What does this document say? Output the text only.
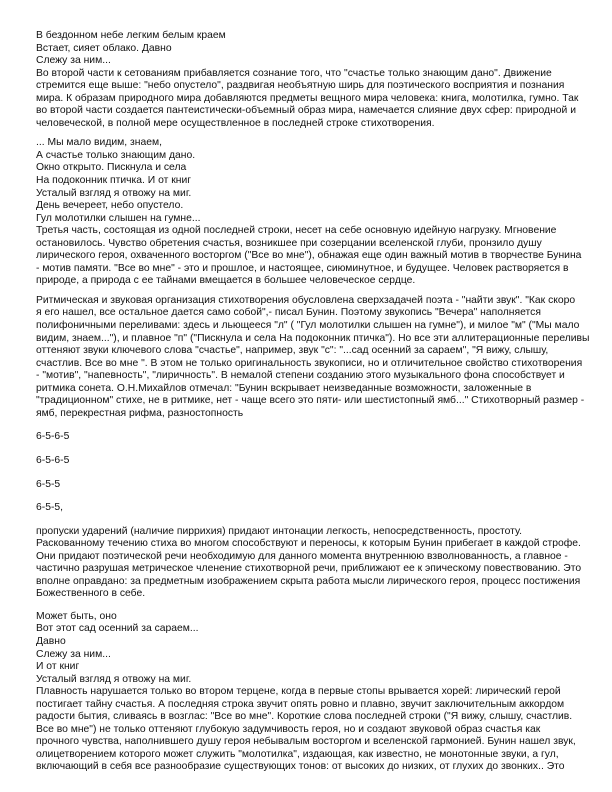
В бездонном небе легким белым краем
Встает, сияет облако. Давно
Слежу за ним...
Во второй части к сетованиям прибавляется сознание того, что "счастье только знающим дано". Движение
стремится еще выше: "небо опустело", раздвигая необъятную ширь для поэтического восприятия и познания
мира. К образам природного мира добавляются предметы вещного мира человека: книга, молотилка, гумно. Так
во второй части создается пантеистически-объемный образ мира, намечается слияние двух сфер: природной и
человеческой, в полной мере осуществленное в последней строке стихотворения.
... Мы мало видим, знаем,
А счастье только знающим дано.
Окно открыто. Пискнула и села
На подоконник птичка. И от книг
Усталый взгляд я отвожу на миг.
День вечереет, небо опустело.
Гул молотилки слышен на гумне...
Третья часть, состоящая из одной последней строки, несет на себе основную идейную нагрузку. Мгновение
остановилось. Чувство обретения счастья, возникшее при созерцании вселенской глуби, пронзило душу
лирического героя, охваченного восторгом ("Все во мне"), обнажая еще один важный мотив в творчестве Бунина
- мотив памяти. "Все во мне" - это и прошлое, и настоящее, сиюминутное, и будущее. Человек растворяется в
природе, а природа с ее тайнами вмещается в большее человеческое сердце.
Ритмическая и звуковая организация стихотворения обусловлена сверхзадачей поэта - "найти звук". "Как скоро
я его нашел, все остальное дается само собой",- писал Бунин. Поэтому звукопись "Вечера" наполняется
полифоничными переливами: здесь и льющееся "л" ( "Гул молотилки слышен на гумне"), и милое "м" ("Мы мало
видим, знаем..."), и плавное "п" ("Пискнула и села На подоконник птичка"). Но все эти аллитерационные переливы
оттеняют звуки ключевого слова "счастье", например, звук "с": "...сад осенний за сараем", "Я вижу, слышу,
счастлив. Все во мне ". В этом не только оригинальность звукописи, но и отличительное свойство стихотворения
- "мотив", "напевность", "лиричность". В немалой степени созданию этого музыкального фона способствует и
ритмика сонета. О.Н.Михайлов отмечал: "Бунин вскрывает неизведанные возможности, заложенные в
"традиционном" стихе, не в ритмике, нет - чаще всего это пяти- или шестистопный ямб..." Стихотворный размер -
ямб, перекрестная рифма, разностопность
6-5-6-5
6-5-6-5
6-5-5
6-5-5,
пропуски ударений (наличие пиррихия) придают интонации легкость, непосредственность, простоту.
Раскованному течению стиха во многом способствуют и переносы, к которым Бунин прибегает в каждой строфе.
Они придают поэтической речи необходимую для данного момента внутреннюю взволнованность, а главное -
частично разрушая метрическое членение стихотворной речи, приближают ее к эпическому повествованию. Это
вполне оправдано: за предметным изображением скрыта работа мысли лирического героя, процесс постижения
Божественного в себе.
Может быть, оно
Вот этот сад осенний за сараем...
Давно
Слежу за ним...
И от книг
Усталый взгляд я отвожу на миг.
Плавность нарушается только во втором терцене, когда в первые стопы врывается хорей: лирический герой
постигает тайну счастья. А последняя строка звучит опять ровно и плавно, звучит заключительным аккордом
радости бытия, сливаясь в возглас: "Все во мне". Короткие слова последней строки ("Я вижу, слышу, счастлив.
Все во мне") не только оттеняют глубокую задумчивость героя, но и создают звуковой образ счастья как
прочного чувства, наполнившего душу героя небывалым восторгом и вселенской гармонией. Бунин нашел звук,
олицетворением которого может служить "молотилка", издающая, как известно, не монотонные звуки, а гул,
включающий в себя все разнообразие существующих тонов: от высоких до низких, от глухих до звонких.. Это
